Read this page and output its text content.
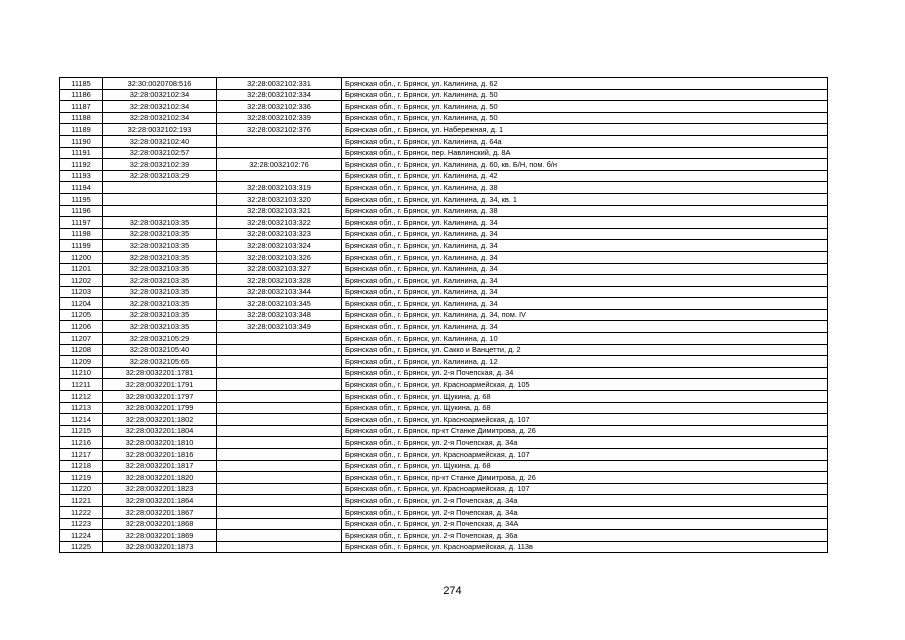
11185	32:30:0020708:516	32:28:0032102:331	Брянская обл., г. Брянск, ул. Калинина, д. 62
11186	32:28:0032102:34	32:28:0032102:334	Брянская обл., г. Брянск, ул. Калинина, д. 50
11187	32:28:0032102:34	32:28:0032102:336	Брянская обл., г. Брянск, ул. Калинина, д. 50
11188	32:28:0032102:34	32:28:0032102:339	Брянская обл., г. Брянск, ул. Калинина, д. 50
11189	32:28:0032102:193	32:28:0032102:376	Брянская обл., г. Брянск, ул. Набережная, д. 1
11190	32:28:0032102:40		Брянская обл., г. Брянск, ул. Калинина, д. 64а
11191	32:28:0032102:57		Брянская обл., г. Брянск, пер. Навлинский, д. 8А
11192	32:28:0032102:39	32:28:0032102:76	Брянская обл., г. Брянск, ул. Калинина, д. 60, кв. Б/Н, пом. б/н
11193	32:28:0032103:29		Брянская обл., г. Брянск, ул. Калинина, д. 42
11194		32:28:0032103:319	Брянская обл., г. Брянск, ул. Калинина, д. 38
11195		32:28:0032103:320	Брянская обл., г. Брянск, ул. Калинина, д. 34, кв. 1
11196		32:28:0032103:321	Брянская обл., г. Брянск, ул. Калинина, д. 38
11197	32:28:0032103:35	32:28:0032103:322	Брянская обл., г. Брянск, ул. Калинина, д. 34
11198	32:28:0032103:35	32:28:0032103:323	Брянская обл., г. Брянск, ул. Калинина, д. 34
11199	32:28:0032103:35	32:28:0032103:324	Брянская обл., г. Брянск, ул. Калинина, д. 34
11200	32:28:0032103:35	32:28:0032103:326	Брянская обл., г. Брянск, ул. Калинина, д. 34
11201	32:28:0032103:35	32:28:0032103:327	Брянская обл., г. Брянск, ул. Калинина, д. 34
11202	32:28:0032103:35	32:28:0032103:328	Брянская обл., г. Брянск, ул. Калинина, д. 34
11203	32:28:0032103:35	32:28:0032103:344	Брянская обл., г. Брянск, ул. Калинина, д. 34
11204	32:28:0032103:35	32:28:0032103:345	Брянская обл., г. Брянск, ул. Калинина, д. 34
11205	32:28:0032103:35	32:28:0032103:348	Брянская обл., г. Брянск, ул. Калинина, д. 34, пом. IV
11206	32:28:0032103:35	32:28:0032103:349	Брянская обл., г. Брянск, ул. Калинина, д. 34
11207	32:28:0032105:29		Брянская обл., г. Брянск, ул. Калинина, д. 10
11208	32:28:0032105:40		Брянская обл., г. Брянск, ул. Сакко и Ванцетти, д. 2
11209	32:28:0032105:65		Брянская обл., г. Брянск, ул. Калинина, д. 12
11210	32:28:0032201:1781		Брянская обл., г. Брянск, ул. 2-я Почепская, д. 34
11211	32:28:0032201:1791		Брянская обл., г. Брянск, ул. Красноармейская, д. 105
11212	32:28:0032201:1797		Брянская обл., г. Брянск, ул. Щукина, д. 68
11213	32:28:0032201:1799		Брянская обл., г. Брянск, ул. Щукина, д. 68
11214	32:28:0032201:1802		Брянская обл., г. Брянск, ул. Красноармейская, д. 107
11215	32:28:0032201:1804		Брянская обл., г. Брянск, пр-кт Станке Димитрова, д. 26
11216	32:28:0032201:1810		Брянская обл., г. Брянск, ул. 2-я Почепская, д. 34а
11217	32:28:0032201:1816		Брянская обл., г. Брянск, ул. Красноармейская, д. 107
11218	32:28:0032201:1817		Брянская обл., г. Брянск, ул. Щукина, д. 68
11219	32:28:0032201:1820		Брянская обл., г. Брянск, пр-кт Станке Димитрова, д. 26
11220	32:28:0032201:1823		Брянская обл., г. Брянск, ул. Красноармейская, д. 107
11221	32:28:0032201:1864		Брянская обл., г. Брянск, ул. 2-я Почепская, д. 34а
11222	32:28:0032201:1867		Брянская обл., г. Брянск, ул. 2-я Почепская, д. 34а
11223	32:28:0032201:1868		Брянская обл., г. Брянск, ул. 2-я Почепская, д. 34А
11224	32:28:0032201:1869		Брянская обл., г. Брянск, ул. 2-я Почепская, д. 36а
11225	32:28:0032201:1873		Брянская обл., г. Брянск, ул. Красноармейская, д. 113в
274
